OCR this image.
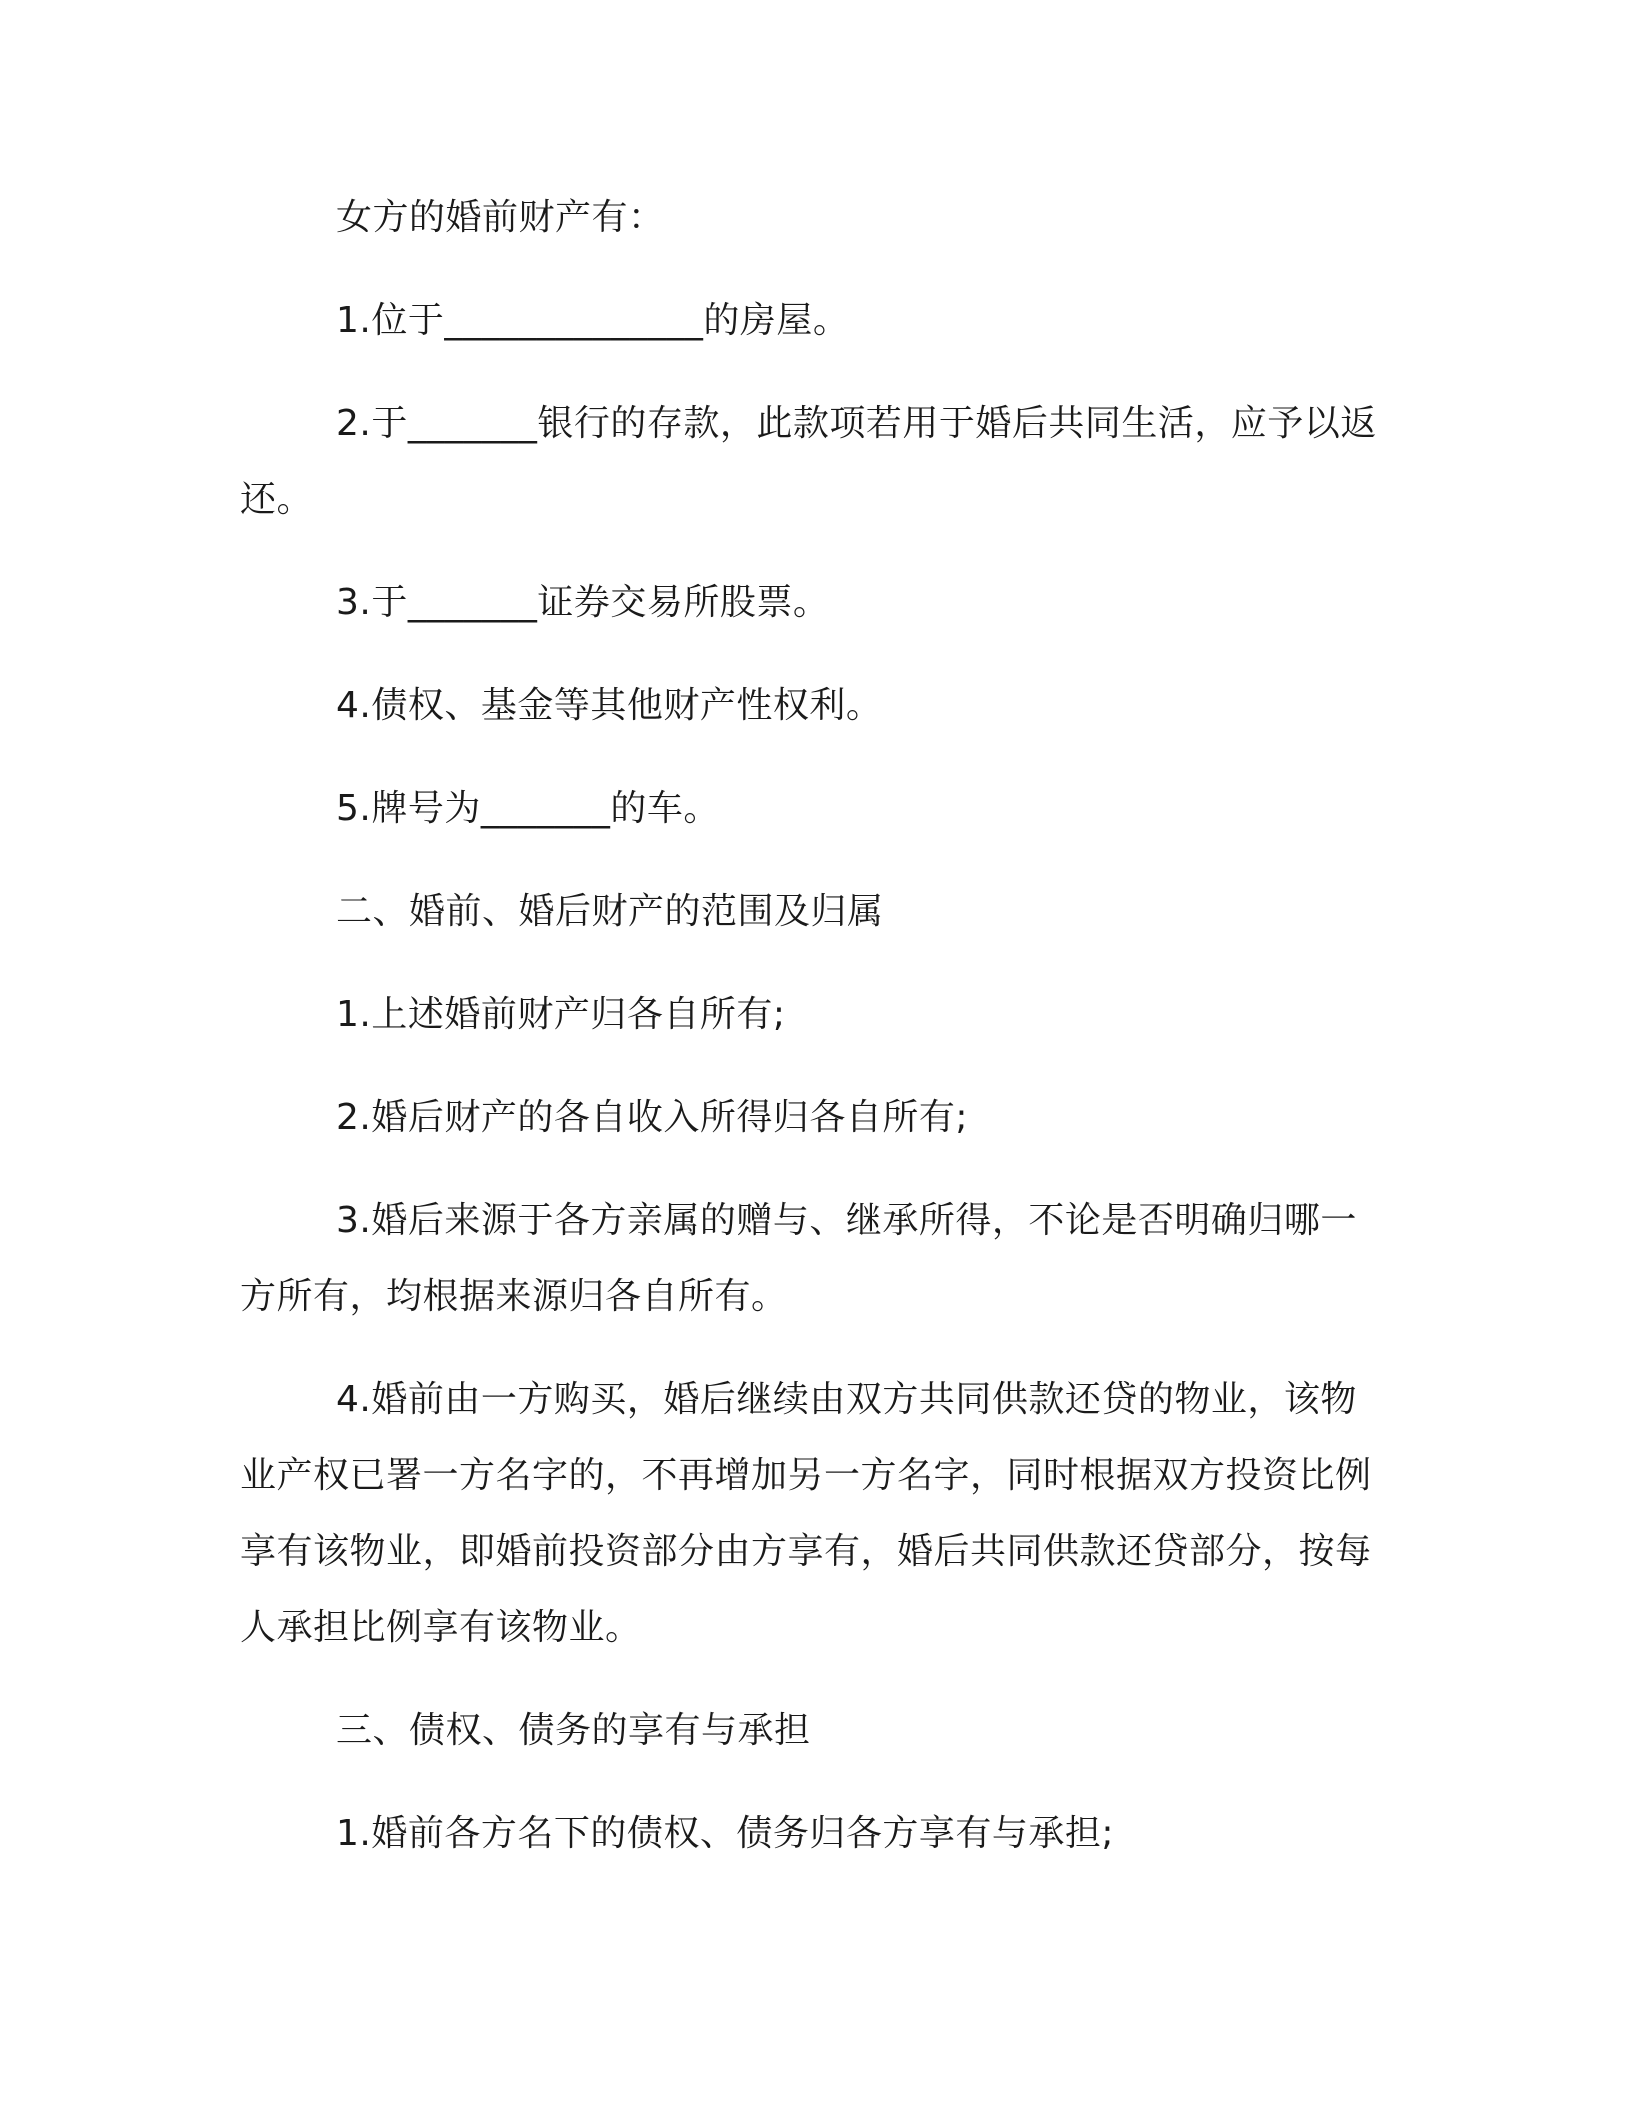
女方的婚前财产有：

1.位于______________的房屋。

2.于_______银行的存款，此款项若用于婚后共同生活，应予以返还。

3.于_______证券交易所股票。

4.债权、基金等其他财产性权利。

5.牌号为_______的车。

二、婚前、婚后财产的范围及归属

1.上述婚前财产归各自所有;

2.婚后财产的各自收入所得归各自所有;

3.婚后来源于各方亲属的赠与、继承所得，不论是否明确归哪一方所有，均根据来源归各自所有。

4.婚前由一方购买，婚后继续由双方共同供款还贷的物业，该物业产权已署一方名字的，不再增加另一方名字，同时根据双方投资比例享有该物业，即婚前投资部分由方享有，婚后共同供款还贷部分，按每人承担比例享有该物业。

三、债权、债务的享有与承担

1.婚前各方名下的债权、债务归各方享有与承担;
